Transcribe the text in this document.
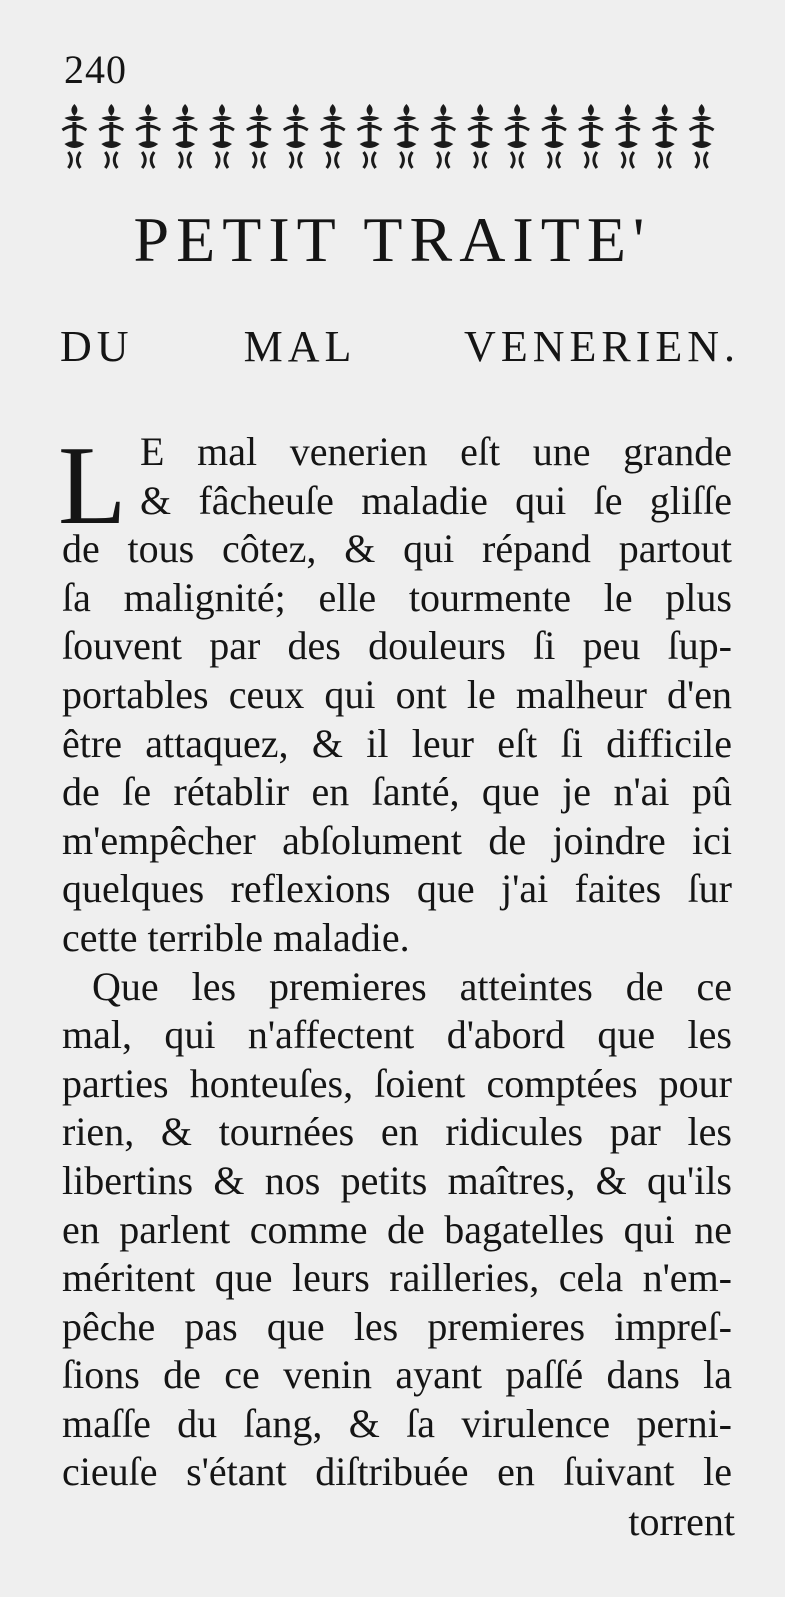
240
PETIT TRAITE'
DU MAL VENERIEN.
L E mal venerien eſt une grande
& fâcheuſe maladie qui ſe gliſſe
de tous côtez, & qui répand partout
ſa malignité; elle tourmente le plus
ſouvent par des douleurs ſi peu ſup-
portables ceux qui ont le malheur d'en
être attaquez, & il leur eſt ſi difficile
de ſe rétablir en ſanté, que je n'ai pû
m'empêcher abſolument de joindre ici
quelques reflexions que j'ai faites ſur
cette terrible maladie.
Que les premieres atteintes de ce
mal, qui n'affectent d'abord que les
parties honteuſes, ſoient comptées pour
rien, & tournées en ridicules par les
libertins & nos petits maîtres, & qu'ils
en parlent comme de bagatelles qui ne
méritent que leurs railleries, cela n'em-
pêche pas que les premieres impreſ-
ſions de ce venin ayant paſſé dans la
maſſe du ſang, & ſa virulence perni-
cieuſe s'étant diſtribuée en ſuivant le
torrent
